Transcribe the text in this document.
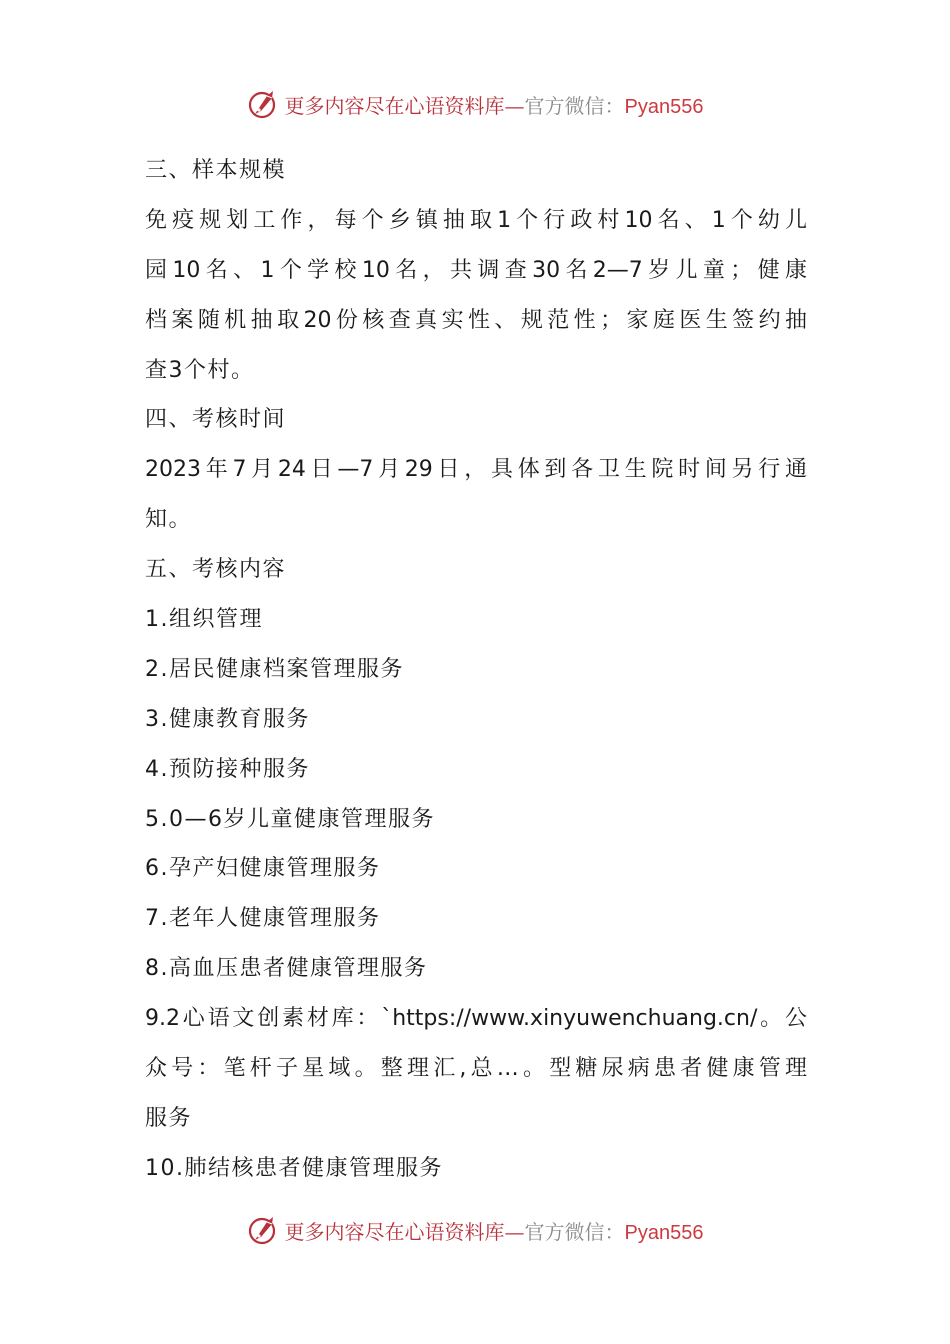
更多内容尽在心语资料库—官方微信：Pyan556
三、样本规模
免疫规划工作，每个乡镇抽取1个行政村10名、1个幼儿
园10名、1个学校10名，共调查30名2—7岁儿童；健康
档案随机抽取20份核查真实性、规范性；家庭医生签约抽
查3个村。
四、考核时间
2023年7月24日—7月29日，具体到各卫生院时间另行通
知。
五、考核内容
1.组织管理
2.居民健康档案管理服务
3.健康教育服务
4.预防接种服务
5.0—6岁儿童健康管理服务
6.孕产妇健康管理服务
7.老年人健康管理服务
8.高血压患者健康管理服务
9.2心语文创素材库：`https://www.xinyuwenchuang.cn/。公
众号：笔杆子星域。整理汇,总…。型糖尿病患者健康管理
服务
10.肺结核患者健康管理服务
更多内容尽在心语资料库—官方微信：Pyan556
